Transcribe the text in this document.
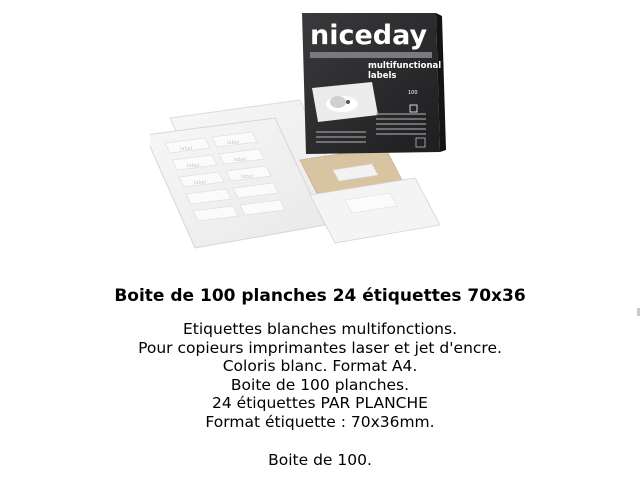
label
label
label
label
label
label
niceday
multifunctional
labels
100
Boite de 100 planches 24 étiquettes 70x36
Etiquettes blanches multifonctions.
Pour copieurs imprimantes laser et jet d'encre.
Coloris blanc. Format A4.
Boite de 100 planches.
24 étiquettes PAR PLANCHE
Format étiquette : 70x36mm.
Boite de 100.
